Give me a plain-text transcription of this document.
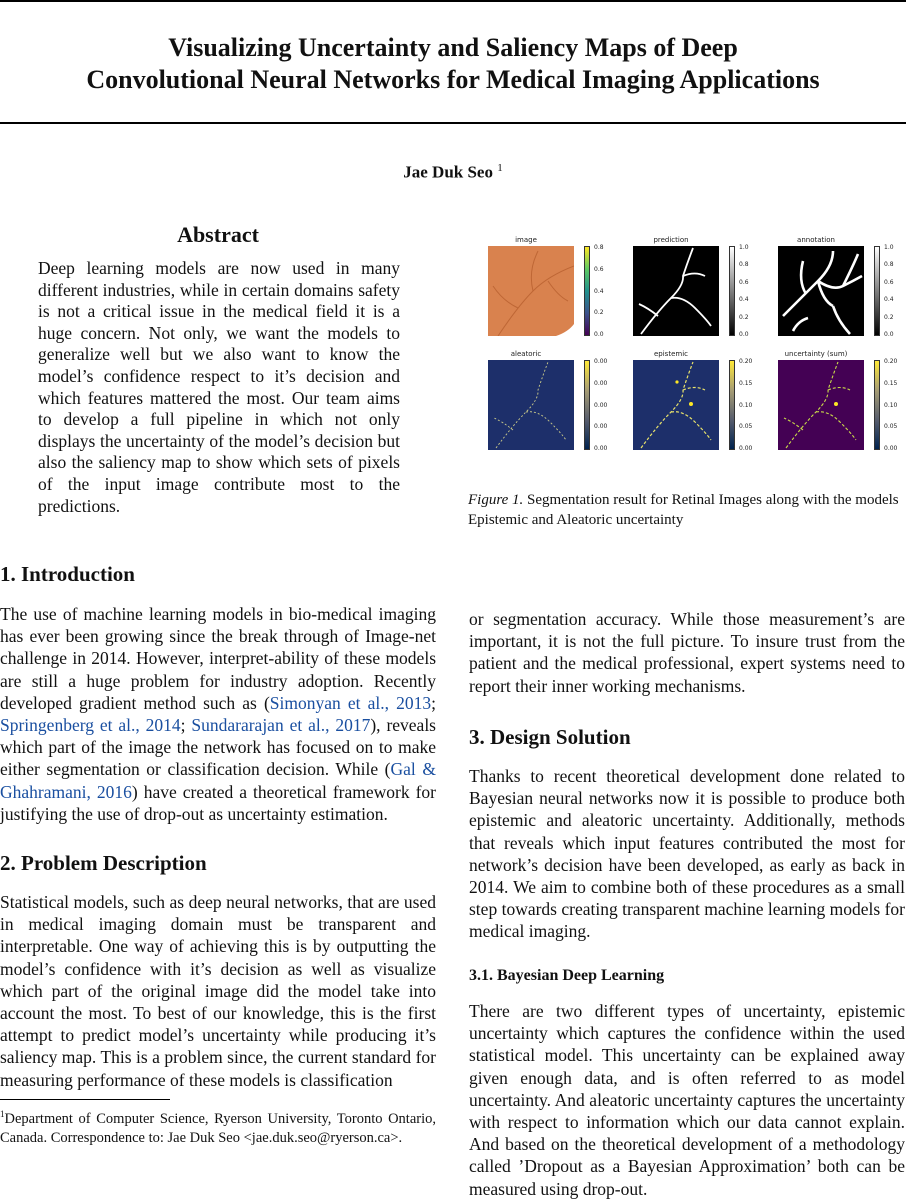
Visualizing Uncertainty and Saliency Maps of Deep
Convolutional Neural Networks for Medical Imaging Applications
Jae Duk Seo $^1$
Abstract
Deep learning models are now used in many different industries, while in certain domains safety is not a critical issue in the medical field it is a huge concern. Not only, we want the models to generalize well but we also want to know the model’s confidence respect to it’s decision and which features mattered the most. Our team aims to develop a full pipeline in which not only displays the uncertainty of the model’s decision but also the saliency map to show which sets of pixels of the input image contribute most to the predictions.
image
0.8
0.6
0.4
0.2
0.0
prediction
1.0
0.8
0.6
0.4
0.2
0.0
annotation
1.0
0.8
0.6
0.4
0.2
0.0
aleatoric
0.00
0.00
0.00
0.00
0.00
epistemic
0.20
0.15
0.10
0.05
0.00
uncertainty (sum)
0.20
0.15
0.10
0.05
0.00
Figure 1. Segmentation result for Retinal Images along with the models Epistemic and Aleatoric uncertainty
1. Introduction
The use of machine learning models in bio-medical imaging has ever been growing since the break through of Image-net challenge in 2014. However, interpret-ability of these models are still a huge problem for industry adoption. Recently developed gradient method such as (Simonyan et al., 2013; Springenberg et al., 2014; Sundararajan et al., 2017), reveals which part of the image the network has focused on to make either segmentation or classification decision. While (Gal & Ghahramani, 2016) have created a theoretical framework for justifying the use of drop-out as uncertainty estimation.
2. Problem Description
Statistical models, such as deep neural networks, that are used in medical imaging domain must be transparent and interpretable. One way of achieving this is by outputting the model’s confidence with it’s decision as well as visualize which part of the original image did the model take into account the most. To best of our knowledge, this is the first attempt to predict model’s uncertainty while producing it’s saliency map. This is a problem since, the current standard for measuring performance of these models is classification
$^1$Department of Computer Science, Ryerson University, Toronto Ontario, Canada. Correspondence to: Jae Duk Seo <jae.duk.seo@ryerson.ca>.
or segmentation accuracy. While those measurement’s are important, it is not the full picture. To insure trust from the patient and the medical professional, expert systems need to report their inner working mechanisms.
3. Design Solution
Thanks to recent theoretical development done related to Bayesian neural networks now it is possible to produce both epistemic and aleatoric uncertainty. Additionally, methods that reveals which input features contributed the most for network’s decision have been developed, as early as back in 2014. We aim to combine both of these procedures as a small step towards creating transparent machine learning models for medical imaging.
3.1. Bayesian Deep Learning
There are two different types of uncertainty, epistemic uncertainty which captures the confidence within the used statistical model. This uncertainty can be explained away given enough data, and is often referred to as model uncertainty. And aleatoric uncertainty captures the uncertainty with respect to information which our data cannot explain. And based on the theoretical development of a methodology called ’Dropout as a Bayesian Approximation’ both can be measured using drop-out.
